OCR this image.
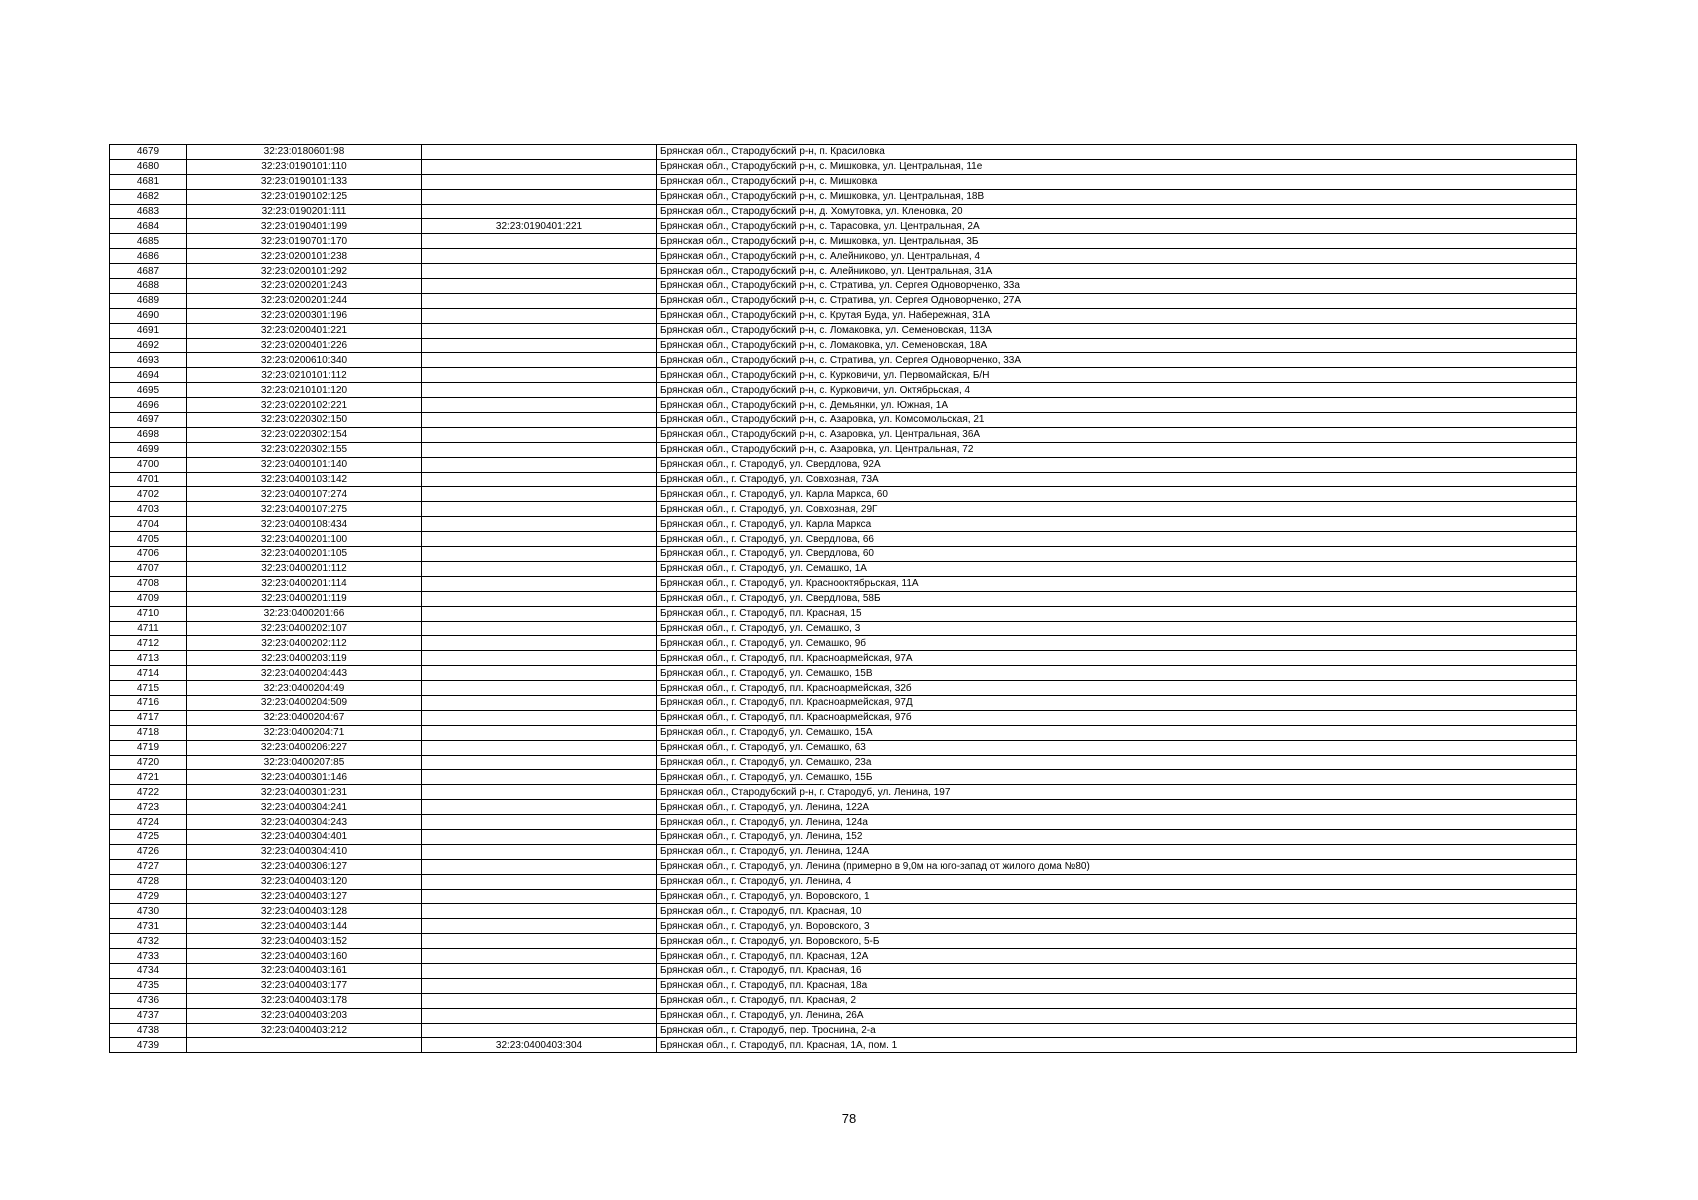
4679	32:23:0180601:98		Брянская обл., Стародубский р-н, п. Красиловка
4680	32:23:0190101:110		Брянская обл., Стародубский р-н, с. Мишковка, ул. Центральная, 11е
4681	32:23:0190101:133		Брянская обл., Стародубский р-н, с. Мишковка
4682	32:23:0190102:125		Брянская обл., Стародубский р-н, с. Мишковка, ул. Центральная, 18В
4683	32:23:0190201:111		Брянская обл., Стародубский р-н, д. Хомутовка, ул. Кленовка, 20
4684	32:23:0190401:199	32:23:0190401:221	Брянская обл., Стародубский р-н, с. Тарасовка, ул. Центральная, 2А
4685	32:23:0190701:170		Брянская обл., Стародубский р-н, с. Мишковка, ул. Центральная, 3Б
4686	32:23:0200101:238		Брянская обл., Стародубский р-н, с. Алейниково, ул. Центральная, 4
4687	32:23:0200101:292		Брянская обл., Стародубский р-н, с. Алейниково, ул. Центральная, 31А
4688	32:23:0200201:243		Брянская обл., Стародубский р-н, с. Стратива, ул. Сергея Одноворченко, 33а
4689	32:23:0200201:244		Брянская обл., Стародубский р-н, с. Стратива, ул. Сергея Одноворченко, 27А
4690	32:23:0200301:196		Брянская обл., Стародубский р-н, с. Крутая Буда, ул. Набережная, 31А
4691	32:23:0200401:221		Брянская обл., Стародубский р-н, с. Ломаковка, ул. Семеновская, 113А
4692	32:23:0200401:226		Брянская обл., Стародубский р-н, с. Ломаковка, ул. Семеновская, 18А
4693	32:23:0200610:340		Брянская обл., Стародубский р-н, с. Стратива, ул. Сергея Одноворченко, 33А
4694	32:23:0210101:112		Брянская обл., Стародубский р-н, с. Курковичи, ул. Первомайская, Б/Н
4695	32:23:0210101:120		Брянская обл., Стародубский р-н, с. Курковичи, ул. Октябрьская, 4
4696	32:23:0220102:221		Брянская обл., Стародубский р-н, с. Демьянки, ул. Южная, 1А
4697	32:23:0220302:150		Брянская обл., Стародубский р-н, с. Азаровка, ул. Комсомольская, 21
4698	32:23:0220302:154		Брянская обл., Стародубский р-н, с. Азаровка, ул. Центральная, 36А
4699	32:23:0220302:155		Брянская обл., Стародубский р-н, с. Азаровка, ул. Центральная, 72
4700	32:23:0400101:140		Брянская обл., г. Стародуб, ул. Свердлова, 92А
4701	32:23:0400103:142		Брянская обл., г. Стародуб, ул. Совхозная, 73А
4702	32:23:0400107:274		Брянская обл., г. Стародуб, ул. Карла Маркса, 60
4703	32:23:0400107:275		Брянская обл., г. Стародуб, ул. Совхозная, 29Г
4704	32:23:0400108:434		Брянская обл., г. Стародуб, ул. Карла Маркса
4705	32:23:0400201:100		Брянская обл., г. Стародуб, ул. Свердлова, 66
4706	32:23:0400201:105		Брянская обл., г. Стародуб, ул. Свердлова, 60
4707	32:23:0400201:112		Брянская обл., г. Стародуб, ул. Семашко, 1А
4708	32:23:0400201:114		Брянская обл., г. Стародуб, ул. Краснооктябрьская, 11А
4709	32:23:0400201:119		Брянская обл., г. Стародуб, ул. Свердлова, 58Б
4710	32:23:0400201:66		Брянская обл., г. Стародуб, пл. Красная, 15
4711	32:23:0400202:107		Брянская обл., г. Стародуб, ул. Семашко, 3
4712	32:23:0400202:112		Брянская обл., г. Стародуб, ул. Семашко, 9б
4713	32:23:0400203:119		Брянская обл., г. Стародуб, пл. Красноармейская, 97А
4714	32:23:0400204:443		Брянская обл., г. Стародуб, ул. Семашко, 15В
4715	32:23:0400204:49		Брянская обл., г. Стародуб, пл. Красноармейская, 32б
4716	32:23:0400204:509		Брянская обл., г. Стародуб, пл. Красноармейская, 97Д
4717	32:23:0400204:67		Брянская обл., г. Стародуб, пл. Красноармейская, 97б
4718	32:23:0400204:71		Брянская обл., г. Стародуб, ул. Семашко, 15А
4719	32:23:0400206:227		Брянская обл., г. Стародуб, ул. Семашко, 63
4720	32:23:0400207:85		Брянская обл., г. Стародуб, ул. Семашко, 23а
4721	32:23:0400301:146		Брянская обл., г. Стародуб, ул. Семашко, 15Б
4722	32:23:0400301:231		Брянская обл., Стародубский р-н, г. Стародуб, ул. Ленина, 197
4723	32:23:0400304:241		Брянская обл., г. Стародуб, ул. Ленина, 122А
4724	32:23:0400304:243		Брянская обл., г. Стародуб, ул. Ленина, 124а
4725	32:23:0400304:401		Брянская обл., г. Стародуб, ул. Ленина, 152
4726	32:23:0400304:410		Брянская обл., г. Стародуб, ул. Ленина, 124А
4727	32:23:0400306:127		Брянская обл., г. Стародуб, ул. Ленина (примерно в 9,0м на юго-запад от жилого дома №80)
4728	32:23:0400403:120		Брянская обл., г. Стародуб, ул. Ленина, 4
4729	32:23:0400403:127		Брянская обл., г. Стародуб, ул. Воровского, 1
4730	32:23:0400403:128		Брянская обл., г. Стародуб, пл. Красная, 10
4731	32:23:0400403:144		Брянская обл., г. Стародуб, ул. Воровского, 3
4732	32:23:0400403:152		Брянская обл., г. Стародуб, ул. Воровского, 5-Б
4733	32:23:0400403:160		Брянская обл., г. Стародуб, пл. Красная, 12А
4734	32:23:0400403:161		Брянская обл., г. Стародуб, пл. Красная, 16
4735	32:23:0400403:177		Брянская обл., г. Стародуб, пл. Красная, 18а
4736	32:23:0400403:178		Брянская обл., г. Стародуб, пл. Красная, 2
4737	32:23:0400403:203		Брянская обл., г. Стародуб, ул. Ленина, 26А
4738	32:23:0400403:212		Брянская обл., г. Стародуб, пер. Троснина, 2-а
4739		32:23:0400403:304	Брянская обл., г. Стародуб, пл. Красная, 1А, пом. 1
78
